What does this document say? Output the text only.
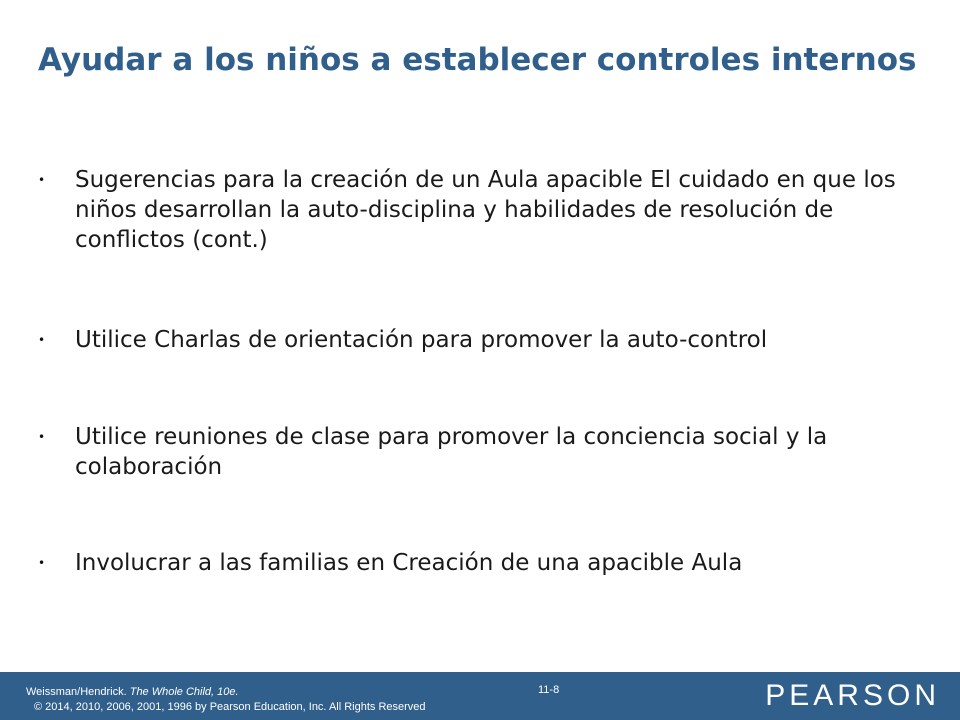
Ayudar a los niños a establecer controles internos
• Sugerencias para la creación de un Aula apacible El cuidado en que los niños desarrollan la auto-disciplina y habilidades de resolución de conflictos (cont.)
• Utilice Charlas de orientación para promover la auto-control
• Utilice reuniones de clase para promover la conciencia social y la colaboración
• Involucrar a las familias en Creación de una apacible Aula
Weissman/Hendrick. The Whole Child, 10e.
© 2014, 2010, 2006, 2001, 1996 by Pearson Education, Inc. All Rights Reserved
11-8	PEARSON
